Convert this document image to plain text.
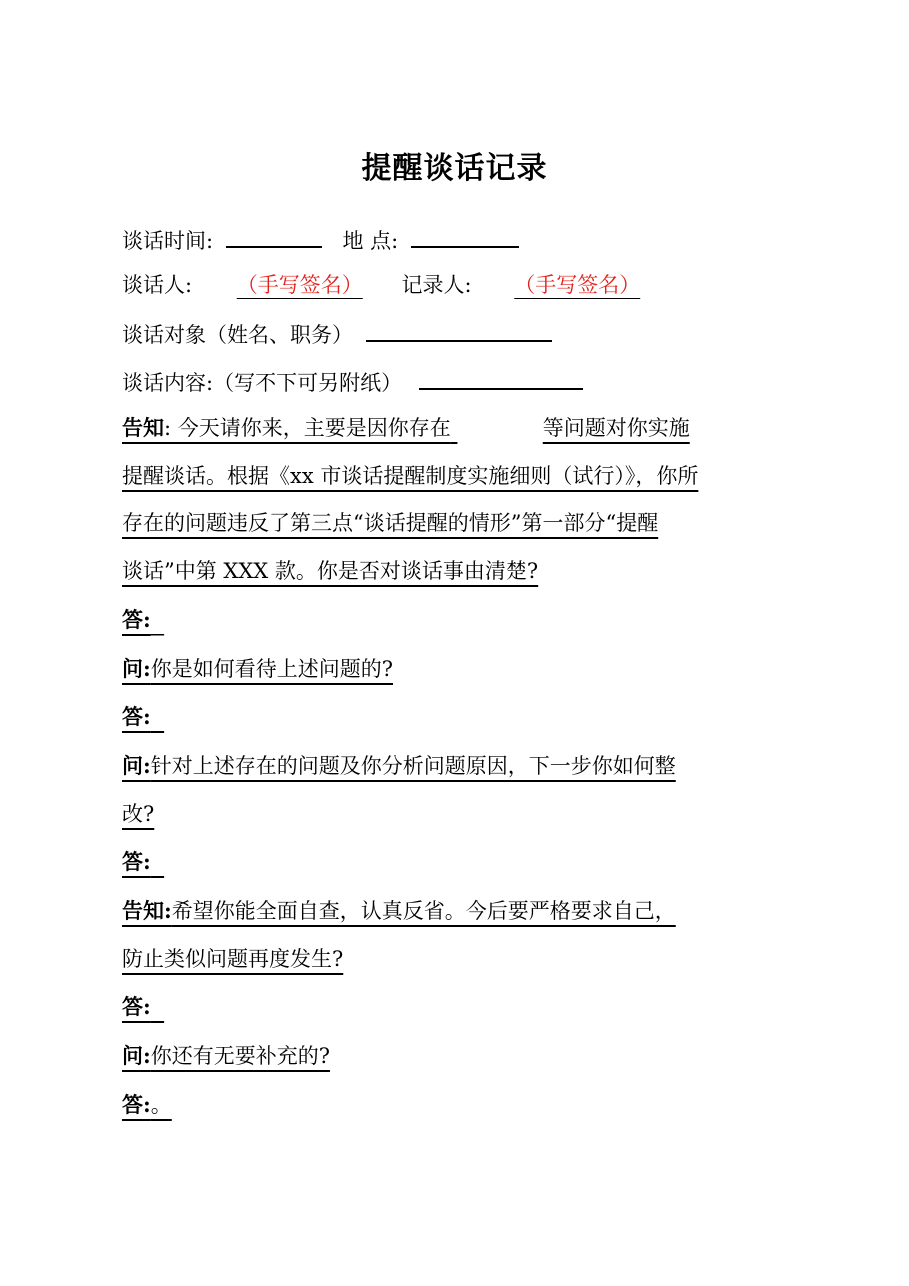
提醒谈话记录
谈话时间:	地 点:
谈话人: （手写签名） 记录人: （手写签名）
谈话对象（姓名、职务）
谈话内容:（写不下可另附纸）
告知: 今天请你来，主要是因你存在	等问题对你实施
提醒谈话。根据《xx 市谈话提醒制度实施细则（试行）》，你所
存在的问题违反了第三点“谈话提醒的情形”第一部分“提醒
谈话”中第 XXX 款。你是否对谈话事由清楚?
答:
问:你是如何看待上述问题的?
答:
问:针对上述存在的问题及你分析问题原因，下一步你如何整
改?
答:
告知:希望你能全面自查，认真反省。今后要严格要求自己，
防止类似问题再度发生?
答:
问:你还有无要补充的?
答:。
